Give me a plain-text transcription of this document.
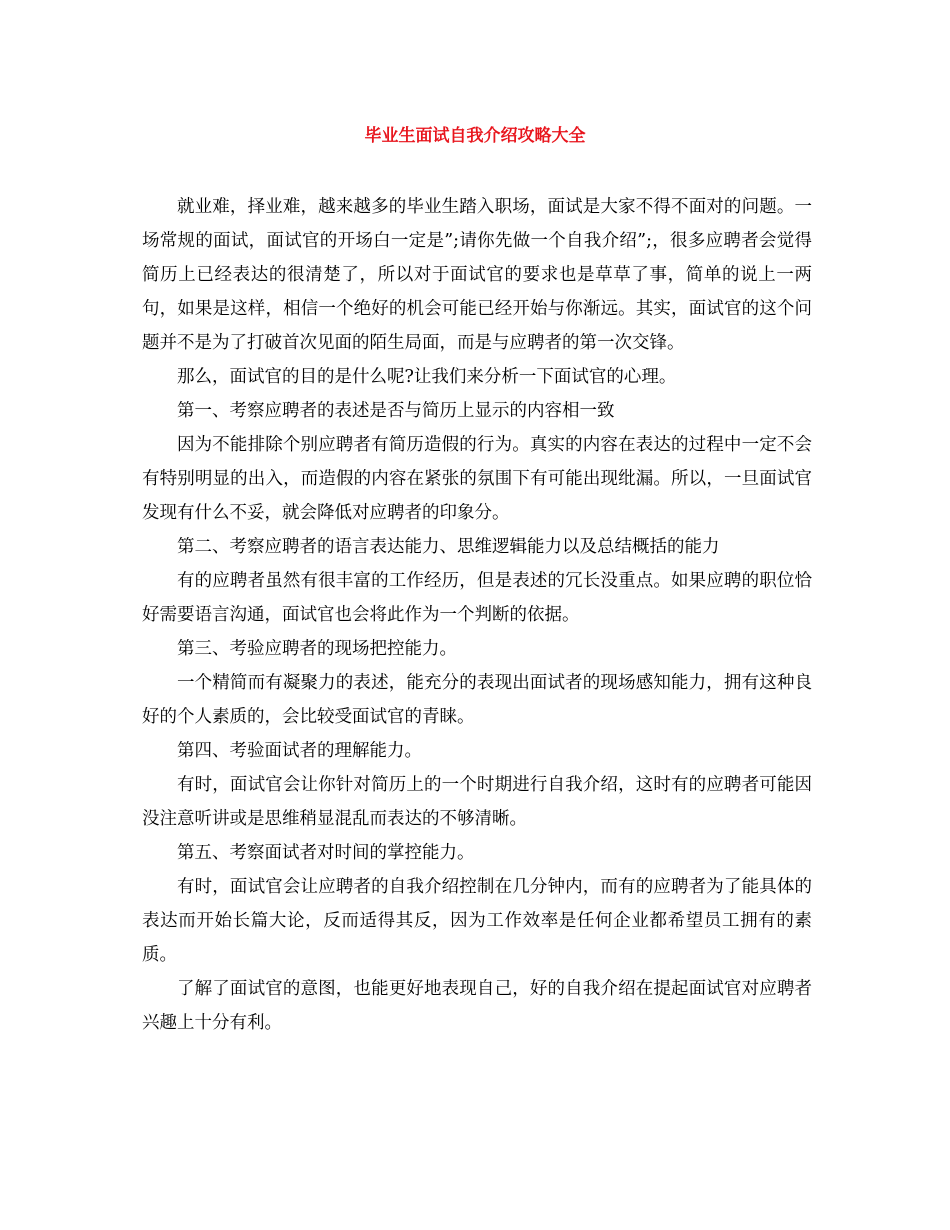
毕业生面试自我介绍攻略大全

就业难，择业难，越来越多的毕业生踏入职场，面试是大家不得不面对的问题。一场常规的面试，面试官的开场白一定是”;请你先做一个自我介绍”;，很多应聘者会觉得简历上已经表达的很清楚了，所以对于面试官的要求也是草草了事，简单的说上一两句，如果是这样，相信一个绝好的机会可能已经开始与你渐远。其实，面试官的这个问题并不是为了打破首次见面的陌生局面，而是与应聘者的第一次交锋。

那么，面试官的目的是什么呢?让我们来分析一下面试官的心理。

第一、考察应聘者的表述是否与简历上显示的内容相一致

因为不能排除个别应聘者有简历造假的行为。真实的内容在表达的过程中一定不会有特别明显的出入，而造假的内容在紧张的氛围下有可能出现纰漏。所以，一旦面试官发现有什么不妥，就会降低对应聘者的印象分。

第二、考察应聘者的语言表达能力、思维逻辑能力以及总结概括的能力

有的应聘者虽然有很丰富的工作经历，但是表述的冗长没重点。如果应聘的职位恰好需要语言沟通，面试官也会将此作为一个判断的依据。

第三、考验应聘者的现场把控能力。

一个精简而有凝聚力的表述，能充分的表现出面试者的现场感知能力，拥有这种良好的个人素质的，会比较受面试官的青睐。

第四、考验面试者的理解能力。

有时，面试官会让你针对简历上的一个时期进行自我介绍，这时有的应聘者可能因没注意听讲或是思维稍显混乱而表达的不够清晰。

第五、考察面试者对时间的掌控能力。

有时，面试官会让应聘者的自我介绍控制在几分钟内，而有的应聘者为了能具体的表达而开始长篇大论，反而适得其反，因为工作效率是任何企业都希望员工拥有的素质。

了解了面试官的意图，也能更好地表现自己，好的自我介绍在提起面试官对应聘者兴趣上十分有利。
